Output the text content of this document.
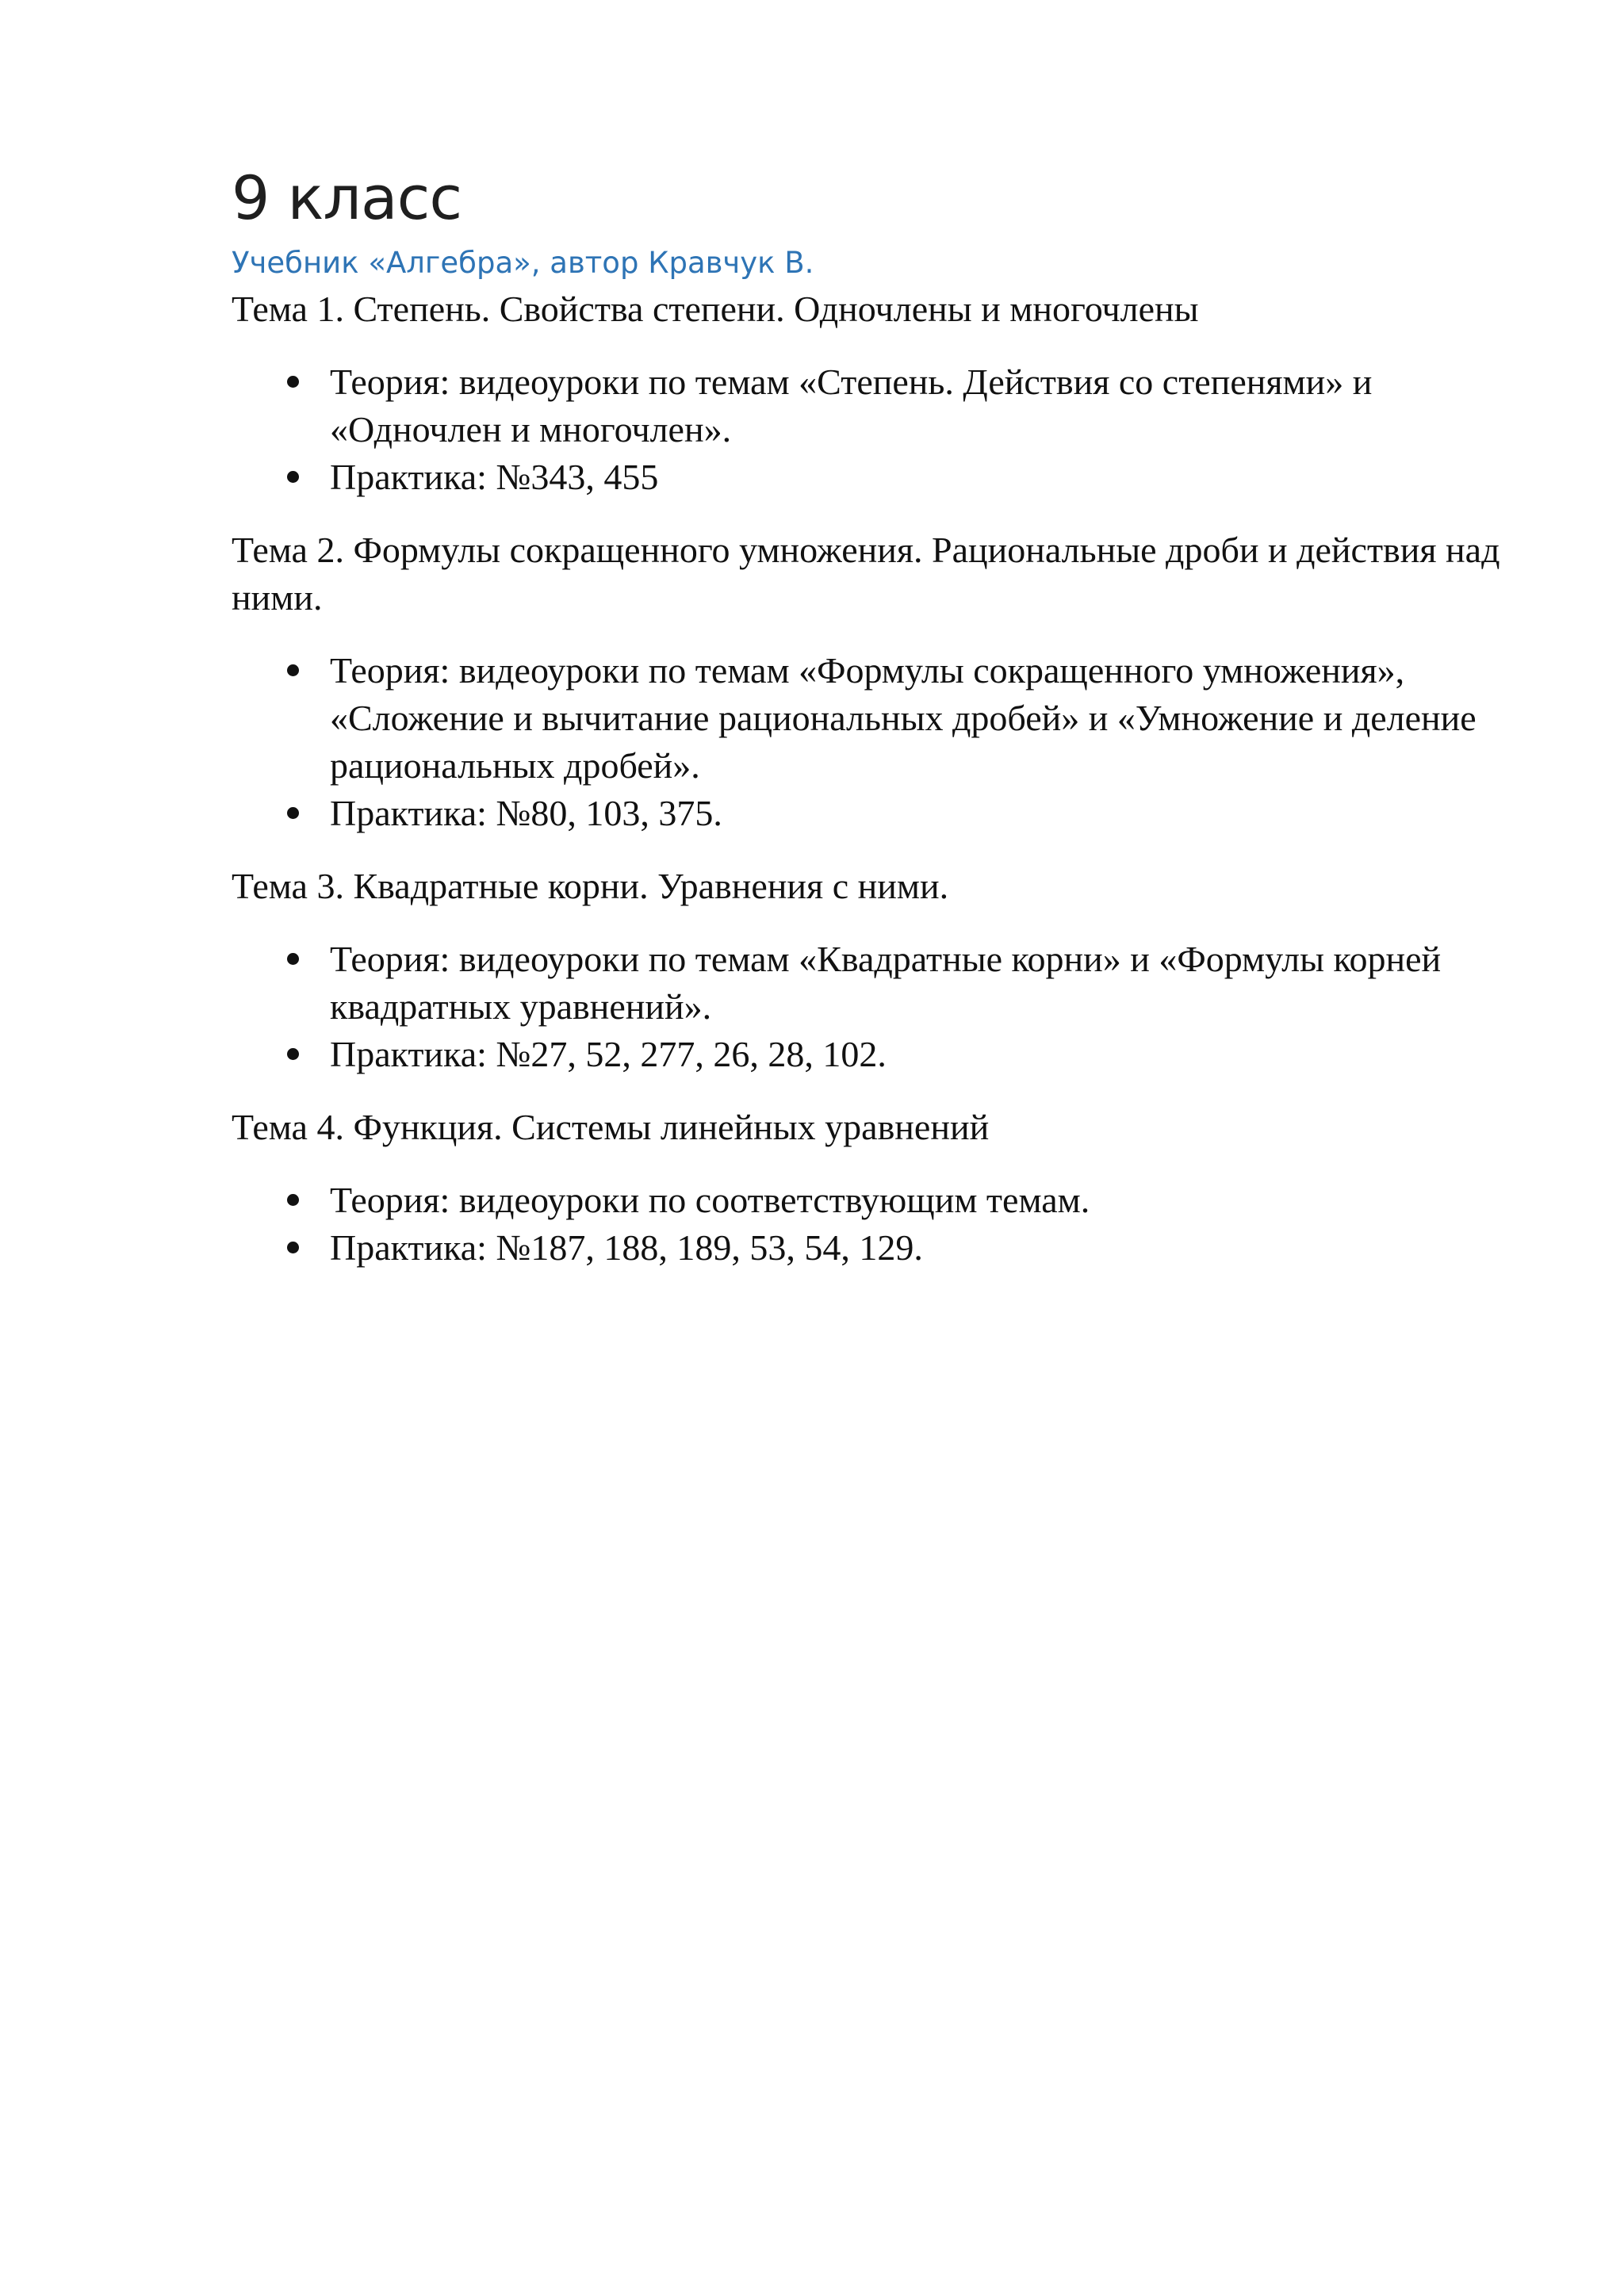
9 класс

Учебник «Алгебра», автор Кравчук В.

Тема 1. Степень. Свойства степени. Одночлены и многочлены

Теория: видеоуроки по темам «Степень. Действия со степенями» и «Одночлен и многочлен».
Практика: №343, 455

Тема 2. Формулы сокращенного умножения. Рациональные дроби и действия над ними.

Теория: видеоуроки по темам «Формулы сокращенного умножения», «Сложение и вычитание рациональных дробей» и «Умножение и деление рациональных дробей».
Практика: №80, 103, 375.

Тема 3. Квадратные корни. Уравнения с ними.

Теория: видеоуроки по темам «Квадратные корни» и «Формулы корней квадратных уравнений».
Практика: №27, 52, 277, 26, 28, 102.

Тема 4. Функция. Системы линейных уравнений

Теория: видеоуроки по соответствующим темам.
Практика: №187, 188, 189, 53, 54, 129.
